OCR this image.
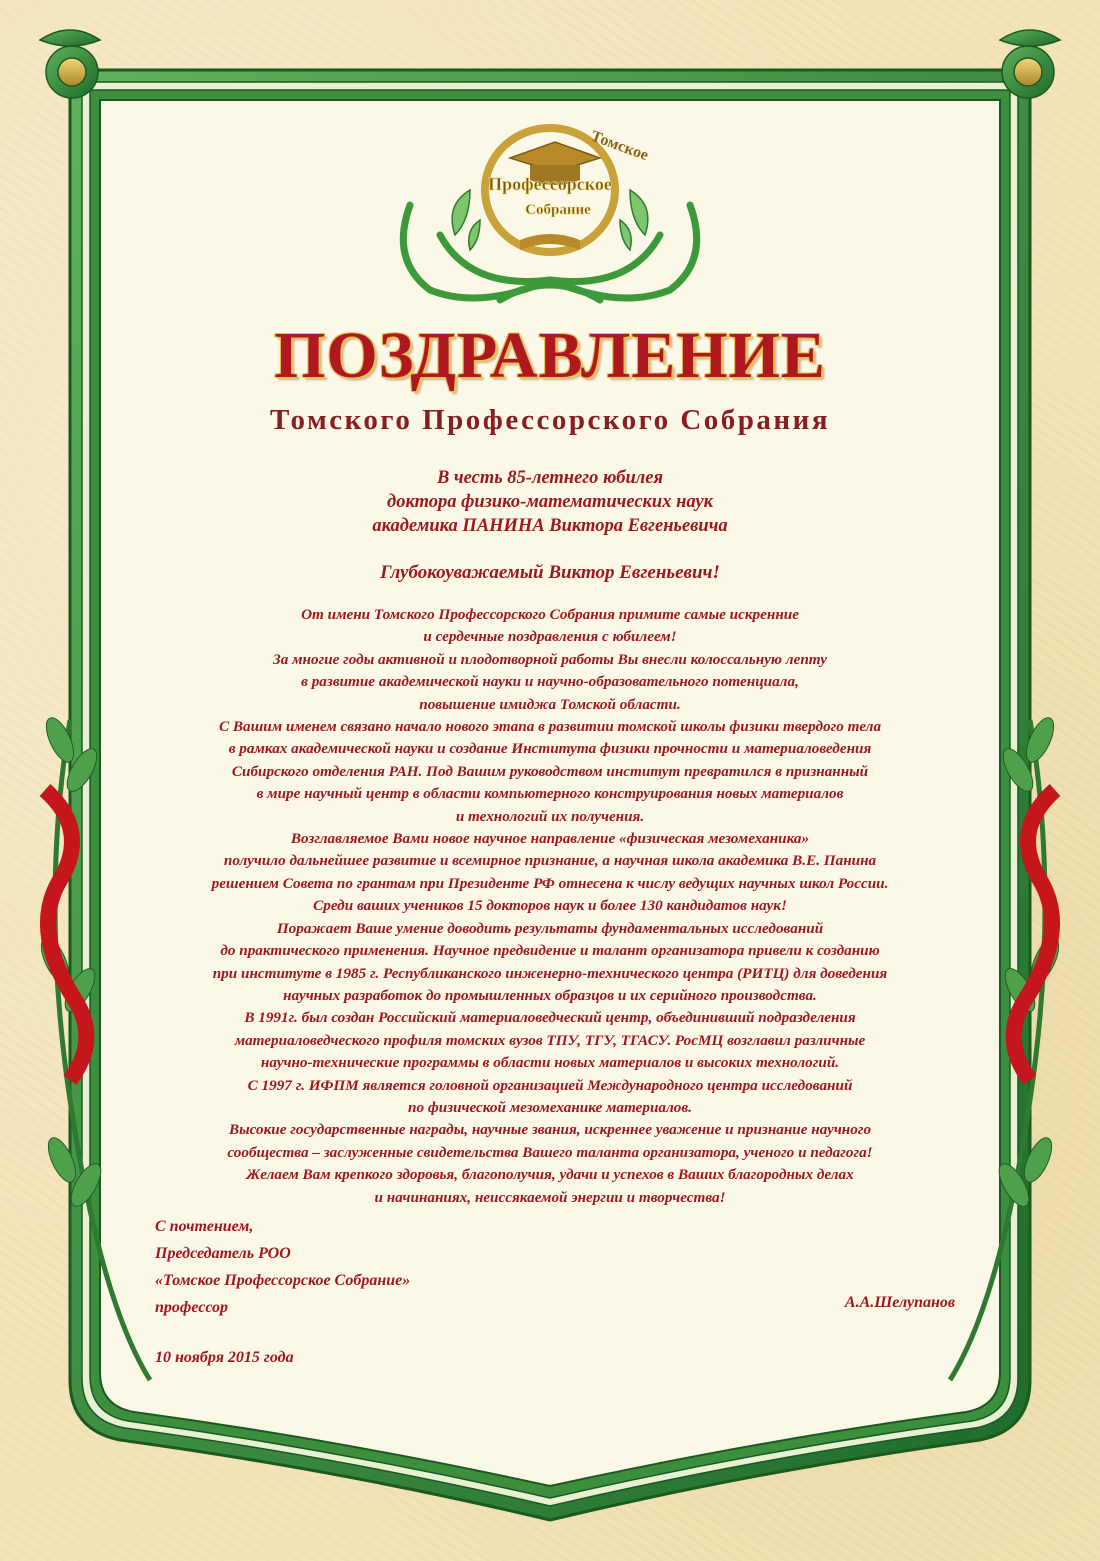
Томское
Профессорское
Собрание
ПОЗДРАВЛЕНИЕ
Томского Профессорского Собрания
В честь 85-летнего юбилея
доктора физико-математических наук
академика ПАНИНА Виктора Евгеньевича
Глубокоуважаемый Виктор Евгеньевич!
От имени Томского Профессорского Собрания примите самые искренние
и сердечные поздравления с юбилеем!
За многие годы активной и плодотворной работы Вы внесли колоссальную лепту
в развитие академической науки и научно-образовательного потенциала,
повышение имиджа Томской области.
С Вашим именем связано начало нового этапа в развитии томской школы физики твердого тела
в рамках академической науки и создание Института физики прочности и материаловедения
Сибирского отделения РАН. Под Вашим руководством институт превратился в признанный
в мире научный центр в области компьютерного конструирования новых материалов
и технологий их получения.
Возглавляемое Вами новое научное направление «физическая мезомеханика»
получило дальнейшее развитие и всемирное признание, а научная школа академика В.Е. Панина
решением Совета по грантам при Президенте РФ отнесена к числу ведущих научных школ России.
Среди ваших учеников 15 докторов наук и более 130 кандидатов наук!
Поражает Ваше умение доводить результаты фундаментальных исследований
до практического применения. Научное предвидение и талант организатора привели к созданию
при институте в 1985 г. Республиканского инженерно-технического центра (РИТЦ) для доведения
научных разработок до промышленных образцов и их серийного производства.
В 1991г. был создан Российский материаловедческий центр, объединивший подразделения
материаловедческого профиля томских вузов ТПУ, ТГУ, ТГАСУ. РосМЦ возглавил различные
научно-технические программы в области новых материалов и высоких технологий.
С 1997 г. ИФПМ является головной организацией Международного центра исследований
по физической мезомеханике материалов.
Высокие государственные награды, научные звания, искреннее уважение и признание научного
сообщества – заслуженные свидетельства Вашего таланта организатора, ученого и педагога!
Желаем Вам крепкого здоровья, благополучия, удачи и успехов в Ваших благородных делах
и начинаниях, неиссякаемой энергии и творчества!
С почтением,
Председатель РОО
«Томское Профессорское Собрание»
профессор	А.А.Шелупанов
10 ноября 2015 года
